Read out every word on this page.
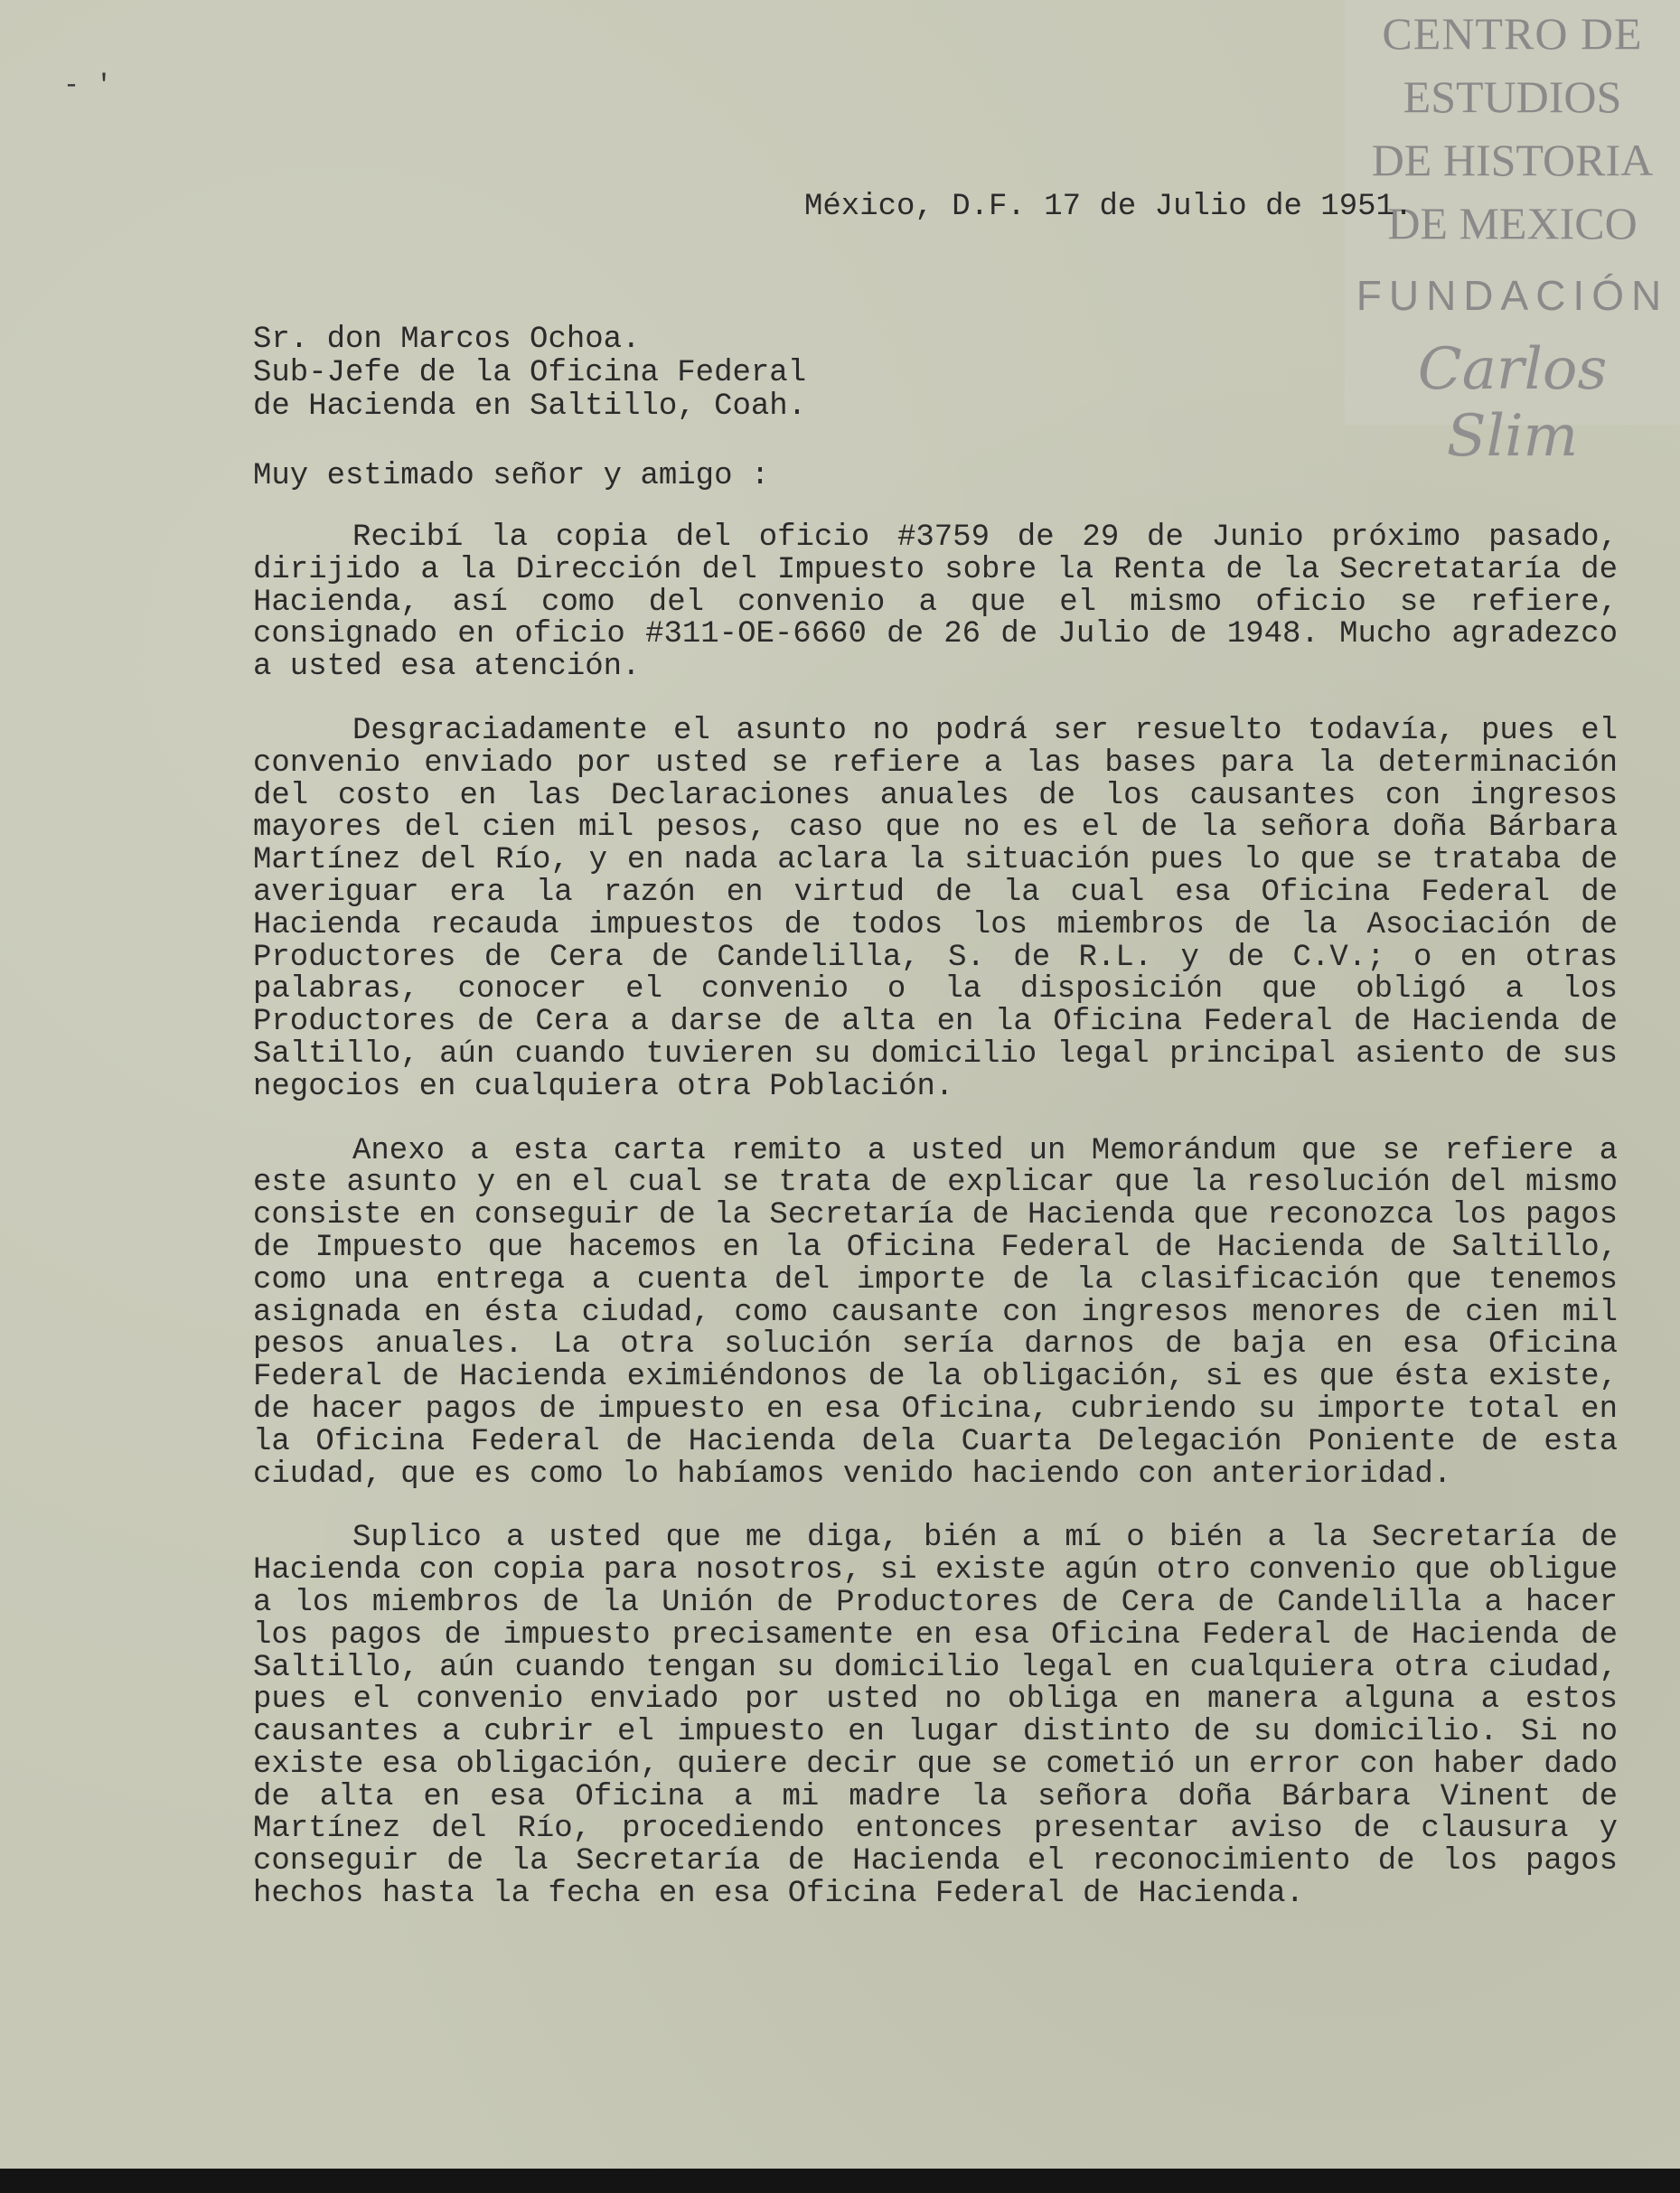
- '
CENTRO DE
ESTUDIOS
DE HISTORIA
DE MEXICO
FUNDACIÓN
Carlos Slim
México, D.F. 17 de Julio de 1951.
Sr. don Marcos Ochoa.
Sub-Jefe de la Oficina Federal
de Hacienda en Saltillo, Coah.
Muy estimado señor y amigo :

Recibí la copia del oficio #3759 de 29 de Junio próximo pasado, dirijido a la Dirección del Impuesto sobre la Renta de la Secretataría de Hacienda, así como del convenio a que el mismo oficio se refiere, consignado en oficio #311-OE-6660 de 26 de Julio de 1948. Mucho agradezco a usted esa atención.

Desgraciadamente el asunto no podrá ser resuelto todavía, pues el convenio enviado por usted se refiere a las bases para la determinación del costo en las Declaraciones anuales de los causantes con ingresos mayores del cien mil pesos, caso que no es el de la señora doña Bárbara Martínez del Río, y en nada aclara la situación pues lo que se trataba de averiguar era la razón en virtud de la cual esa Oficina Federal de Hacienda recauda impuestos de todos los miembros de la Asociación de Productores de Cera de Candelilla, S. de R.L. y de C.V.; o en otras palabras, conocer el convenio o la disposición que obligó a los Productores de Cera a darse de alta en la Oficina Federal de Hacienda de Saltillo, aún cuando tuvieren su domicilio legal principal asiento de sus negocios en cualquiera otra Población.

Anexo a esta carta remito a usted un Memorándum que se refiere a este asunto y en el cual se trata de explicar que la resolución del mismo consiste en conseguir de la Secretaría de Hacienda que reconozca los pagos de Impuesto que hacemos en la Oficina Federal de Hacienda de Saltillo, como una entrega a cuenta del importe de la clasificación que tenemos asignada en ésta ciudad, como causante con ingresos menores de cien mil pesos anuales. La otra solución sería darnos de baja en esa Oficina Federal de Hacienda eximiéndonos de la obligación, si es que ésta existe, de hacer pagos de impuesto en esa Oficina, cubriendo su importe total en la Oficina Federal de Hacienda dela Cuarta Delegación Poniente de esta ciudad, que es como lo habíamos venido haciendo con anterioridad.

Suplico a usted que me diga, bién a mí o bién a la Secretaría de Hacienda con copia para nosotros, si existe agún otro convenio que obligue a los miembros de la Unión de Productores de Cera de Candelilla a hacer los pagos de impuesto precisamente en esa Oficina Federal de Hacienda de Saltillo, aún cuando tengan su domicilio legal en cualquiera otra ciudad, pues el convenio enviado por usted no obliga en manera alguna a estos causantes a cubrir el impuesto en lugar distinto de su domicilio. Si no existe esa obligación, quiere decir que se cometió un error con haber dado de alta en esa Oficina a mi madre la señora doña Bárbara Vinent de Martínez del Río, procediendo entonces presentar aviso de clausura y conseguir de la Secretaría de Hacienda el reconocimiento de los pagos hechos hasta la fecha en esa Oficina Federal de Hacienda.
